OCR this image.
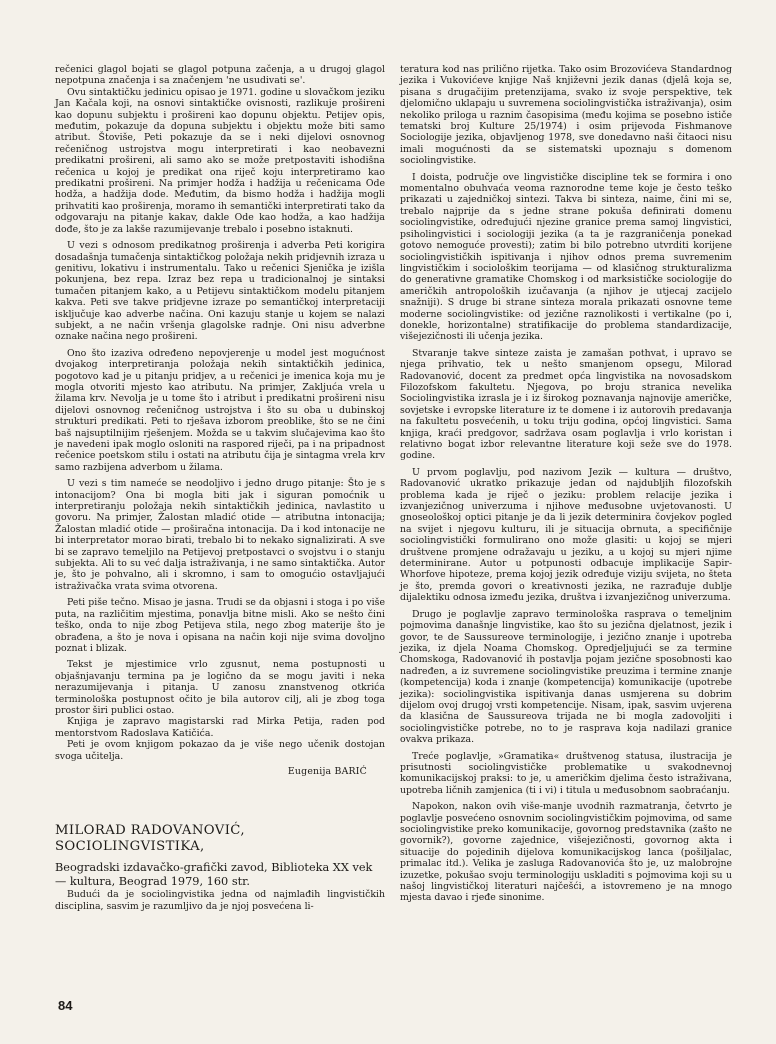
rečenici glagol bojati se glagol potpuna začenja, a u drugoj glagol nepotpuna značenja i sa značenjem 'ne usudivati se'.

Ovu sintaktičku jedinicu opisao je 1971. godine u slovačkom jeziku Jan Kačala koji, na osnovi sintaktičke ovisnosti, razlikuje prošireni kao dopunu subjektu i prošireni kao dopunu objektu. Petijev opis, međutim, pokazuje da dopuna subjektu i objektu može biti samo atribut. Štoviše, Peti pokazuje da se i neki dijelovi osnovnog rečeničnog ustrojstva mogu interpretirati i kao neobavezni predikatni prošireni, ali samo ako se može pretpostaviti ishodišna rečenica u kojoj je predikat ona riječ koju interpretiramo kao predikatni prošireni. Na primjer hodža i hadžija u rečenicama Ode hodža, a hadžija dode. Međutim, da bismo hodža i hadžija mogli prihvatiti kao proširenja, moramo ih semantički interpretirati tako da odgovaraju na pitanje kakav, dakle Ode kao hodža, a kao hadžija dođe, što je za lakše razumijevanje trebalo i posebno istaknuti.

U vezi s odnosom predikatnog proširenja i adverba Peti korigira dosadašnja tumačenja sintaktičkog položaja nekih pridjevnih izraza u genitivu, lokativu i instrumentalu. Tako u rečenici Sjenička je izišla pokunjena, bez repa. Izraz bez repa u tradicionalnoj je sintaksi tumačen pitanjem kako, a u Petijevu sintaktičkom modelu pitanjem kakva. Peti sve takve pridjevne izraze po semantičkoj interpretaciji isključuje kao adverbe načina. Oni kazuju stanje u kojem se nalazi subjekt, a ne način vršenja glagolske radnje. Oni nisu adverbne oznake načina nego prošireni.

Ono što izaziva određeno nepovjerenje u model jest mogućnost dvojakog interpretiranja položaja nekih sintaktičkih jedinica, pogotovo kad je u pitanju pridjev, a u rečenici je imenica koja mu je mogla otvoriti mjesto kao atributu. Na primjer, Zakljuća vrela u žilama krv. Nevolja je u tome što i atribut i predikatni prošireni nisu dijelovi osnovnog rečeničnog ustrojstva i što su oba u dubinskoj strukturi predikati. Peti to rješava izborom preoblike, što se ne čini baš najsuptilnijim rješenjem. Možda se u takvim slučajevima kao što je navedeni ipak moglo osloniti na raspored riječi, pa i na pripadnost rečenice poetskom stilu i ostati na atributu čija je sintagma vrela krv samo razbijena adverbom u žilama.

U vezi s tim nameće se neodoljivo i jedno drugo pitanje: Što je s intonacijom? Ona bi mogla biti jak i siguran pomoćnik u interpretiranju položaja nekih sintaktičkih jedinica, navlastito u govoru. Na primjer, Žalostan mladić otide — atributna intonacija; Žalostan mladić otide — proširačna intonacija. Da i kod intonacije ne bi interpretator morao birati, trebalo bi to nekako signalizirati. A sve bi se zapravo temeljilo na Petijevoj pretpostavci o svojstvu i o stanju subjekta. Ali to su već dalja istraživanja, i ne samo sintaktička. Autor je, što je pohvalno, ali i skromno, i sam to omogućio ostavljajući istraživačka vrata svima otvorena.

Peti piše tečno. Misao je jasna. Trudi se da objasni i stoga i po više puta, na različitim mjestima, ponavlja bitne misli. Ako se nešto čini teško, onda to nije zbog Petijeva stila, nego zbog materije što je obrađena, a što je nova i opisana na način koji nije svima dovoljno poznat i blizak.

Tekst je mjestimice vrlo zgusnut, nema postupnosti u objašnjavanju termina pa je logično da se mogu javiti i neka nerazumijevanja i pitanja. U zanosu znanstvenog otkrića terminološka postupnost očito je bila autorov cilj, ali je zbog toga prostor širi publici ostao.

Knjiga je zapravo magistarski rad Mirka Petija, raden pod mentorstvom Radoslava Katičića.

Peti je ovom knjigom pokazao da je više nego učenik dostojan svoga učitelja.

Eugenija BARIĆ
MILORAD RADOVANOVIĆ, SOCIOLINGVISTIKA,
Beogradski izdavačko-grafički zavod, Biblioteka XX vek — kultura, Beograd 1979, 160 str.

Budući da je sociolingvistika jedna od najmlađih lingvističkih disciplina, sasvim je razumljivo da je njoj posvećena li-

teratura kod nas prilično rijetka. Tako osim Brozovićeva Standardnog jezika i Vukovićeve knjige Naš književni jezik danas (djelâ koja se, pisana s drugačijim pretenzijama, svako iz svoje perspektive, tek djelomično uklapaju u suvremena sociolingvistička istraživanja), osim nekoliko priloga u raznim časopisima (među kojima se posebno ističe tematski broj Kulture 25/1974) i osim prijevoda Fishmanove Sociologije jezika, objavljenog 1978, sve donedavno naši čitaoci nisu imali mogućnosti da se sistematski upoznaju s domenom sociolingvistike.

I doista, područje ove lingvističke discipline tek se formira i ono momentalno obuhvaća veoma raznorodne teme koje je često teško prikazati u zajedničkoj sintezi. Takva bi sinteza, naime, čini mi se, trebalo najprije da s jedne strane pokuša definirati domenu sociolingvistike, određujući njezine granice prema samoj lingvistici, psiholingvistici i sociologiji jezika (a ta je razgraničenja ponekad gotovo nemoguće provesti); zatim bi bilo potrebno utvrditi korijene sociolingvističkih ispitivanja i njihov odnos prema suvremenim lingvističkim i sociološkim teorijama — od klasičnog strukturalizma do generativne gramatike Chomskog i od marksističke sociologije do američkih antropoloških izučavanja (a njihov je utjecaj zacijelo snažniji). S druge bi strane sinteza morala prikazati osnovne teme moderne sociolingvistike: od jezične raznolikosti i vertikalne (po i, donekle, horizontalne) stratifikacije do problema standardizacije, višejezičnosti ili učenja jezika.

Stvaranje takve sinteze zaista je zamašan pothvat, i upravo se njega prihvatio, tek u nešto smanjenom opsegu, Milorad Radovanović, docent za predmet opća lingvistika na novosadskom Filozofskom fakultetu. Njegova, po broju stranica nevelika Sociolingvistika izrasla je i iz širokog poznavanja najnovije američke, sovjetske i evropske literature iz te domene i iz autorovih predavanja na fakultetu posvećenih, u toku triju godina, općoj lingvistici. Sama knjiga, kraći predgovor, sadržava osam poglavlja i vrlo koristan i relativno bogat izbor relevantne literature koji seže sve do 1978. godine.

U prvom poglavlju, pod nazivom Jezik — kultura — društvo, Radovanović ukratko prikazuje jedan od najdubljih filozofskih problema kada je riječ o jeziku: problem relacije jezika i izvanjezičnog univerzuma i njihove međusobne uvjetovanosti. U gnoseološkoj optici pitanje je da li jezik determinira čovjekov pogled na svijet i njegovu kulturu, ili je situacija obrnuta, a specifičnije sociolingvistički formulirano ono može glasiti: u kojoj se mjeri društvene promjene odražavaju u jeziku, a u kojoj su mjeri njime determinirane. Autor u potpunosti odbacuje implikacije Sapir-Whorfove hipoteze, prema kojoj jezik određuje viziju svijeta, no šteta je što, premda govori o kreativnosti jezika, ne razrađuje dublje dijalektiku odnosa između jezika, društva i izvanjezičnog univerzuma.

Drugo je poglavlje zapravo terminološka rasprava o temeljnim pojmovima današnje lingvistike, kao što su jezična djelatnost, jezik i govor, te de Saussureove terminologije, i jezično znanje i upotreba jezika, iz djela Noama Chomskog. Opredjeljujući se za termine Chomskoga, Radovanović ih postavlja pojam jezične sposobnosti kao nadređen, a iz suvremene sociolingvistike preuzima i termine znanje (kompetencija) koda i znanje (kompetencija) komunikacije (upotrebe jezika): sociolingvistika ispitivanja danas usmjerena su dobrim dijelom ovoj drugoj vrsti kompetencije. Nisam, ipak, sasvim uvjerena da klasična de Saussureova trijada ne bi mogla zadovoljiti i sociolingvističke potrebe, no to je rasprava koja nadilazi granice ovakva prikaza.

Treće poglavlje, »Gramatika« društvenog statusa, ilustracija je prisutnosti sociolingvističke problematike u svakodnevnoj komunikacijskoj praksi: to je, u američkim djelima često istraživana, upotreba ličnih zamjenica (ti i vi) i titula u međusobnom saobraćanju.

Napokon, nakon ovih više-manje uvodnih razmatranja, četvrto je poglavlje posvećeno osnovnim sociolingvističkim pojmovima, od same sociolingvistike preko komunikacije, govornog predstavnika (zašto ne govornik?), govorne zajednice, višejezičnosti, govornog akta i situacije do pojedinih dijelova komunikacijskog lanca (pošiljalac, primalac itd.). Velika je zasluga Radovanovića što je, uz malobrojne izuzetke, pokušao svoju terminologiju uskladiti s pojmovima koji su u našoj lingvističkoj literaturi najčešći, a istovremeno je na mnogo mjesta davao i rjeđe sinonime.

84
